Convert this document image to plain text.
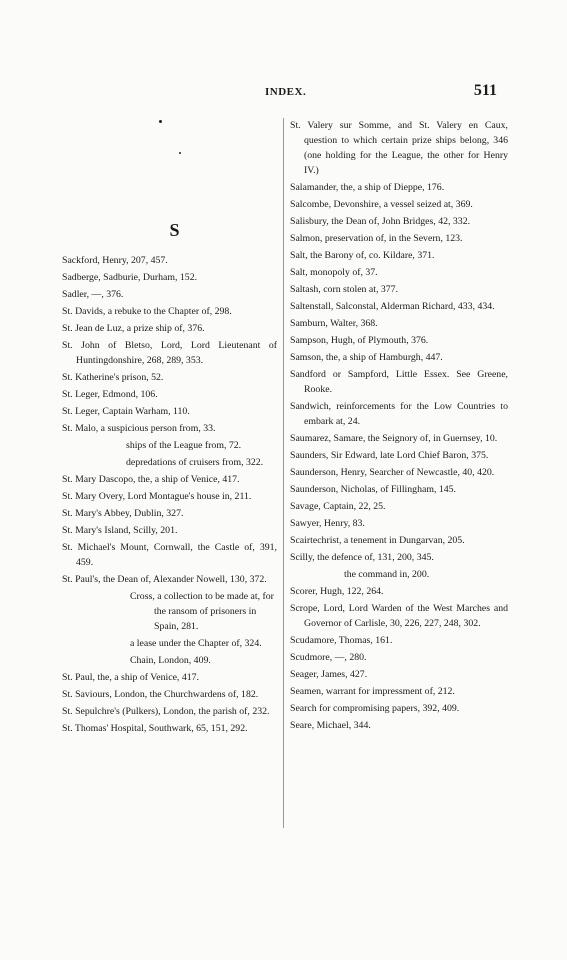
INDEX.	511
S

Sackford, Henry, 207, 457.

Sadberge, Sadburie, Durham, 152.

Sadler, —, 376.

St. Davids, a rebuke to the Chapter of, 298.

St. Jean de Luz, a prize ship of, 376.

St. John of Bletso, Lord, Lord Lieutenant of Huntingdonshire, 268, 289, 353.

St. Katherine's prison, 52.

St. Leger, Edmond, 106.

St. Leger, Captain Warham, 110.

St. Malo, a suspicious person from, 33.

ships of the League from, 72.

depredations of cruisers from, 322.

St. Mary Dascopo, the, a ship of Venice, 417.

St. Mary Overy, Lord Montague's house in, 211.

St. Mary's Abbey, Dublin, 327.

St. Mary's Island, Scilly, 201.

St. Michael's Mount, Cornwall, the Castle of, 391, 459.

St. Paul's, the Dean of, Alexander Nowell, 130, 372.

Cross, a collection to be made at, for the ransom of prisoners in Spain, 281.

a lease under the Chapter of, 324.

Chain, London, 409.

St. Paul, the, a ship of Venice, 417.

St. Saviours, London, the Churchwardens of, 182.

St. Sepulchre's (Pulkers), London, the parish of, 232.

St. Thomas' Hospital, Southwark, 65, 151, 292.

St. Valery sur Somme, and St. Valery en Caux, question to which certain prize ships belong, 346 (one holding for the League, the other for Henry IV.)

Salamander, the, a ship of Dieppe, 176.

Salcombe, Devonshire, a vessel seized at, 369.

Salisbury, the Dean of, John Bridges, 42, 332.

Salmon, preservation of, in the Severn, 123.

Salt, the Barony of, co. Kildare, 371.

Salt, monopoly of, 37.

Saltash, corn stolen at, 377.

Saltenstall, Salconstal, Alderman Richard, 433, 434.

Samburn, Walter, 368.

Sampson, Hugh, of Plymouth, 376.

Samson, the, a ship of Hamburgh, 447.

Sandford or Sampford, Little Essex. See Greene, Rooke.

Sandwich, reinforcements for the Low Countries to embark at, 24.

Saumarez, Samare, the Seignory of, in Guernsey, 10.

Saunders, Sir Edward, late Lord Chief Baron, 375.

Saunderson, Henry, Searcher of Newcastle, 40, 420.

Saunderson, Nicholas, of Fillingham, 145.

Savage, Captain, 22, 25.

Sawyer, Henry, 83.

Scairtechrist, a tenement in Dungarvan, 205.

Scilly, the defence of, 131, 200, 345.

the command in, 200.

Scorer, Hugh, 122, 264.

Scrope, Lord, Lord Warden of the West Marches and Governor of Carlisle, 30, 226, 227, 248, 302.

Scudamore, Thomas, 161.

Scudmore, —, 280.

Seager, James, 427.

Seamen, warrant for impressment of, 212.

Search for compromising papers, 392, 409.

Seare, Michael, 344.
